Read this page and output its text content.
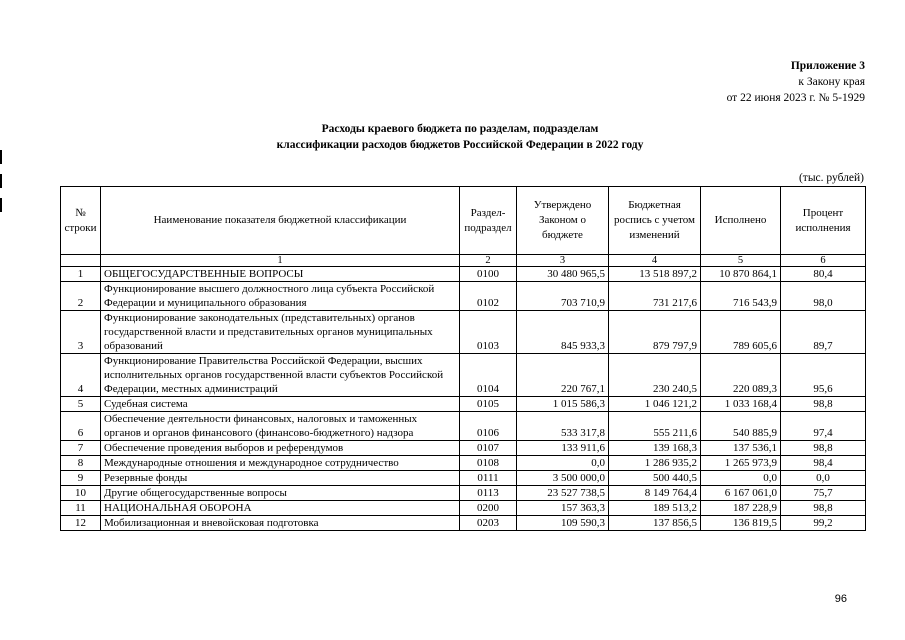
Приложение 3
к Закону края
от 22 июня 2023 г. № 5-1929
Расходы краевого бюджета по разделам, подразделам
классификации расходов бюджетов Российской Федерации в 2022 году
(тыс. рублей)
№ строки	Наименование показателя бюджетной классификации	Раздел-подраздел	Утверждено Законом о бюджете	Бюджетная роспись с учетом изменений	Исполнено	Процент исполнения
	1	2	3	4	5	6
1	ОБЩЕГОСУДАРСТВЕННЫЕ ВОПРОСЫ	0100	30 480 965,5	13 518 897,2	10 870 864,1	80,4
2	Функционирование высшего должностного лица субъекта Российской Федерации и муниципального образования	0102	703 710,9	731 217,6	716 543,9	98,0
3	Функционирование законодательных (представительных) органов государственной власти и представительных органов муниципальных образований	0103	845 933,3	879 797,9	789 605,6	89,7
4	Функционирование Правительства Российской Федерации, высших исполнительных органов государственной власти субъектов Российской Федерации, местных администраций	0104	220 767,1	230 240,5	220 089,3	95,6
5	Судебная система	0105	1 015 586,3	1 046 121,2	1 033 168,4	98,8
6	Обеспечение деятельности финансовых, налоговых и таможенных органов и органов финансового (финансово-бюджетного) надзора	0106	533 317,8	555 211,6	540 885,9	97,4
7	Обеспечение проведения выборов и референдумов	0107	133 911,6	139 168,3	137 536,1	98,8
8	Международные отношения и международное сотрудничество	0108	0,0	1 286 935,2	1 265 973,9	98,4
9	Резервные фонды	0111	3 500 000,0	500 440,5	0,0	0,0
10	Другие общегосударственные вопросы	0113	23 527 738,5	8 149 764,4	6 167 061,0	75,7
11	НАЦИОНАЛЬНАЯ ОБОРОНА	0200	157 363,3	189 513,2	187 228,9	98,8
12	Мобилизационная и вневойсковая подготовка	0203	109 590,3	137 856,5	136 819,5	99,2
96
